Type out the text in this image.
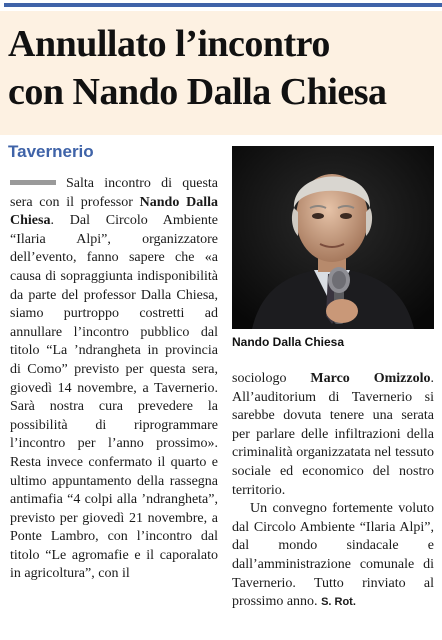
Annullato l’incontro
con Nando Dalla Chiesa
Tavernerio

Salta incontro di questa sera con il professor Nando Dalla Chiesa. Dal Circolo Ambiente “Ilaria Alpi”, organizzatore dell’evento, fanno sapere che «a causa di sopraggiunta indisponibilità da parte del professor Dalla Chiesa, siamo purtroppo costretti ad annullare l’incontro pubblico dal titolo “La ’ndrangheta in provincia di Como” previsto per questa sera, giovedì 14 novembre, a Tavernerio. Sarà nostra cura prevedere la possibilità di riprogrammare l’incontro per l’anno prossimo». Resta invece confermato il quarto e ultimo appuntamento della rassegna antimafia “4 colpi alla ’ndrangheta”, previsto per giovedì 21 novembre, a Ponte Lambro, con l’incontro dal titolo “Le agromafie e il caporalato in agricoltura”, con il

Nando Dalla Chiesa

sociologo Marco Omizzolo. All’auditorium di Tavernerio si sarebbe dovuta tenere una serata per parlare delle infiltrazioni della criminalità organizzatata nel tessuto sociale ed economico del nostro territorio.

Un convegno fortemente voluto dal Circolo Ambiente “Ilaria Alpi”, dal mondo sindacale e dall’amministrazione comunale di Tavernerio. Tutto rinviato al prossimo anno. S. Rot.
